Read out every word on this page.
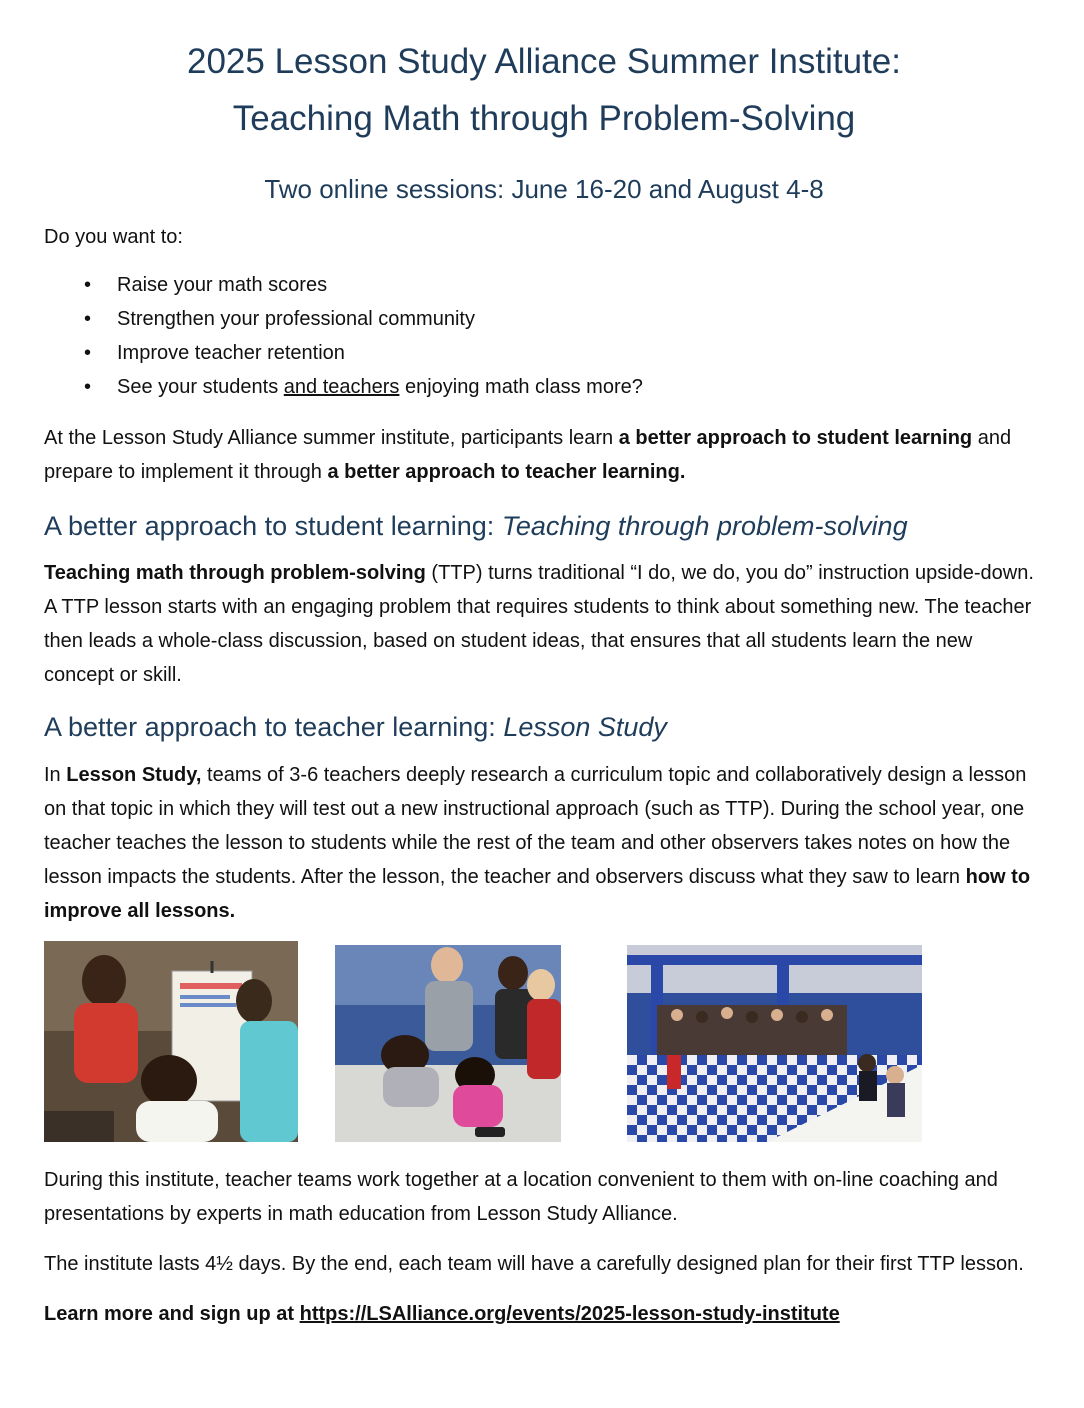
2025 Lesson Study Alliance Summer Institute:
Teaching Math through Problem-Solving
Two online sessions: June 16-20 and August 4-8

Do you want to:

• Raise your math scores
• Strengthen your professional community
• Improve teacher retention
• See your students and teachers enjoying math class more?

At the Lesson Study Alliance summer institute, participants learn a better approach to student learning and prepare to implement it through a better approach to teacher learning.

A better approach to student learning: Teaching through problem-solving

Teaching math through problem-solving (TTP) turns traditional “I do, we do, you do” instruction upside-down. A TTP lesson starts with an engaging problem that requires students to think about something new. The teacher then leads a whole-class discussion, based on student ideas, that ensures that all students learn the new concept or skill.

A better approach to teacher learning: Lesson Study

In Lesson Study, teams of 3-6 teachers deeply research a curriculum topic and collaboratively design a lesson on that topic in which they will test out a new instructional approach (such as TTP). During the school year, one teacher teaches the lesson to students while the rest of the team and other observers takes notes on how the lesson impacts the students. After the lesson, the teacher and observers discuss what they saw to learn how to improve all lessons.

During this institute, teacher teams work together at a location convenient to them with on-line coaching and presentations by experts in math education from Lesson Study Alliance.

The institute lasts 4½ days. By the end, each team will have a carefully designed plan for their first TTP lesson.

Learn more and sign up at https://LSAlliance.org/events/2025-lesson-study-institute
